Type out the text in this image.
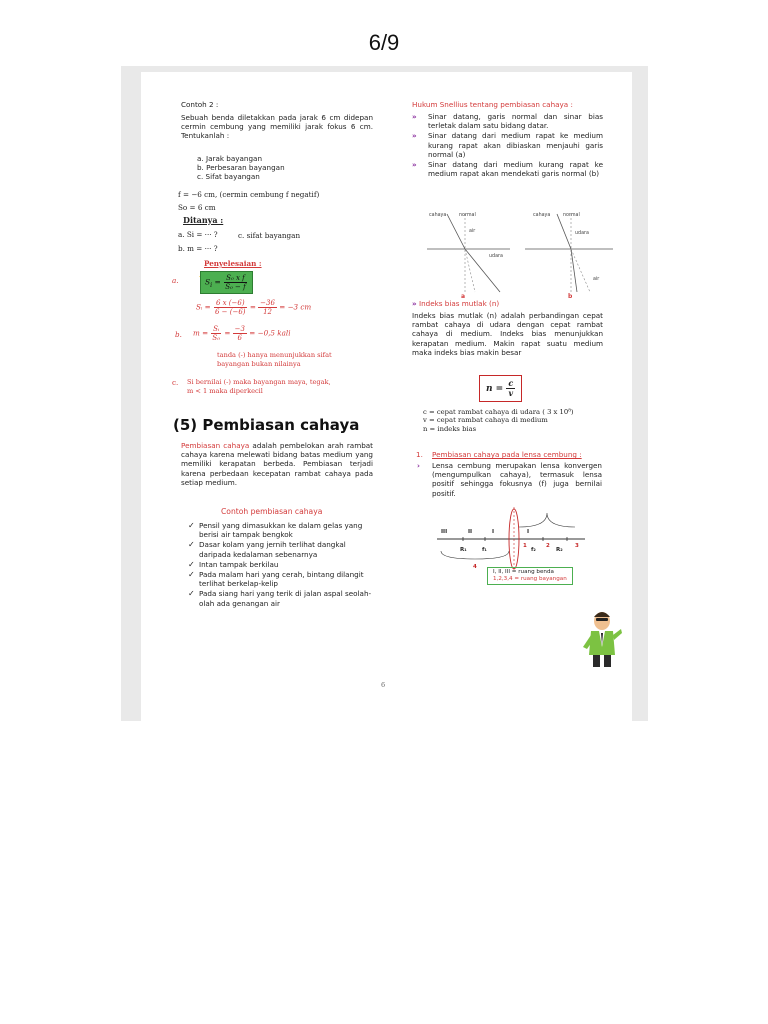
6/9
Contoh 2 :
Sebuah benda diletakkan pada jarak 6 cm didepan cermin cembung yang memiliki jarak fokus 6 cm. Tentukanlah :
a. Jarak bayangan
b. Perbesaran bayangan
c. Sifat bayangan
f = −6 cm, (cermin cembung f negatif)
So = 6 cm
Ditanya :
a. Si = ··· ?	c. sifat bayangan
b. m = ··· ?
Penyelesaian :
a.	$S_i = \frac{\text{S₀ x f}}{\text{S₀ − f}}$
Sᵢ = $\frac{6 x (-6)}{6 - (-6)} = \frac{-36}{12} = -3$ cm
b. $m = \frac{\text{Sᵢ}}{\text{S₀}} = \frac{-3}{6} = -0,5$ kali
tanda (-) hanya menunjukkan sifat bayangan bukan nilainya
c. Si bernilai (-) maka bayangan maya, tegak, m < 1 maka diperkecil
(5) Pembiasan cahaya
Pembiasan cahaya adalah pembelokan arah rambat cahaya karena melewati bidang batas medium yang memiliki kerapatan berbeda. Pembiasan terjadi karena perbedaan kecepatan rambat cahaya pada setiap medium.
Contoh pembiasan cahaya
✓ Pensil yang dimasukkan ke dalam gelas yang berisi air tampak bengkok
✓ Dasar kolam yang jernih terlihat dangkal daripada kedalaman sebenarnya
✓ Intan tampak berkilau
✓ Pada malam hari yang cerah, bintang dilangit terlihat berkelap-kelip
✓ Pada siang hari yang terik di jalan aspal seolah-olah ada genangan air
Hukum Snellius tentang pembiasan cahaya :
» Sinar datang, garis normal dan sinar bias terletak dalam satu bidang datar.
» Sinar datang dari medium rapat ke medium kurang rapat akan dibiaskan menjauhi garis normal (a)
» Sinar datang dari medium kurang rapat ke medium rapat akan mendekati garis normal (b)
cahaya	normal
air
udara
a
cahaya	normal
udara
air
b
» Indeks bias mutlak (n)
Indeks bias mutlak (n) adalah perbandingan cepat rambat cahaya di udara dengan cepat rambat cahaya di medium. Indeks bias menunjukkan kerapatan medium. Makin rapat suatu medium maka indeks bias makin besar
$n = \frac{c}{v}$
c = cepat rambat cahaya di udara ( 3 x 10⁸)
v = cepat rambat cahaya di medium
n = indeks bias
1. Pembiasan cahaya pada lensa cembung :
› Lensa cembung merupakan lensa konvergen (mengumpulkan cahaya), termasuk lensa positif sehingga fokusnya (f) juga bernilai positif.
III	II	I	I
R₁	f₁
1
f₂
2
R₂
3
4
I, II, III = ruang benda
1,2,3,4 = ruang bayangan
6
